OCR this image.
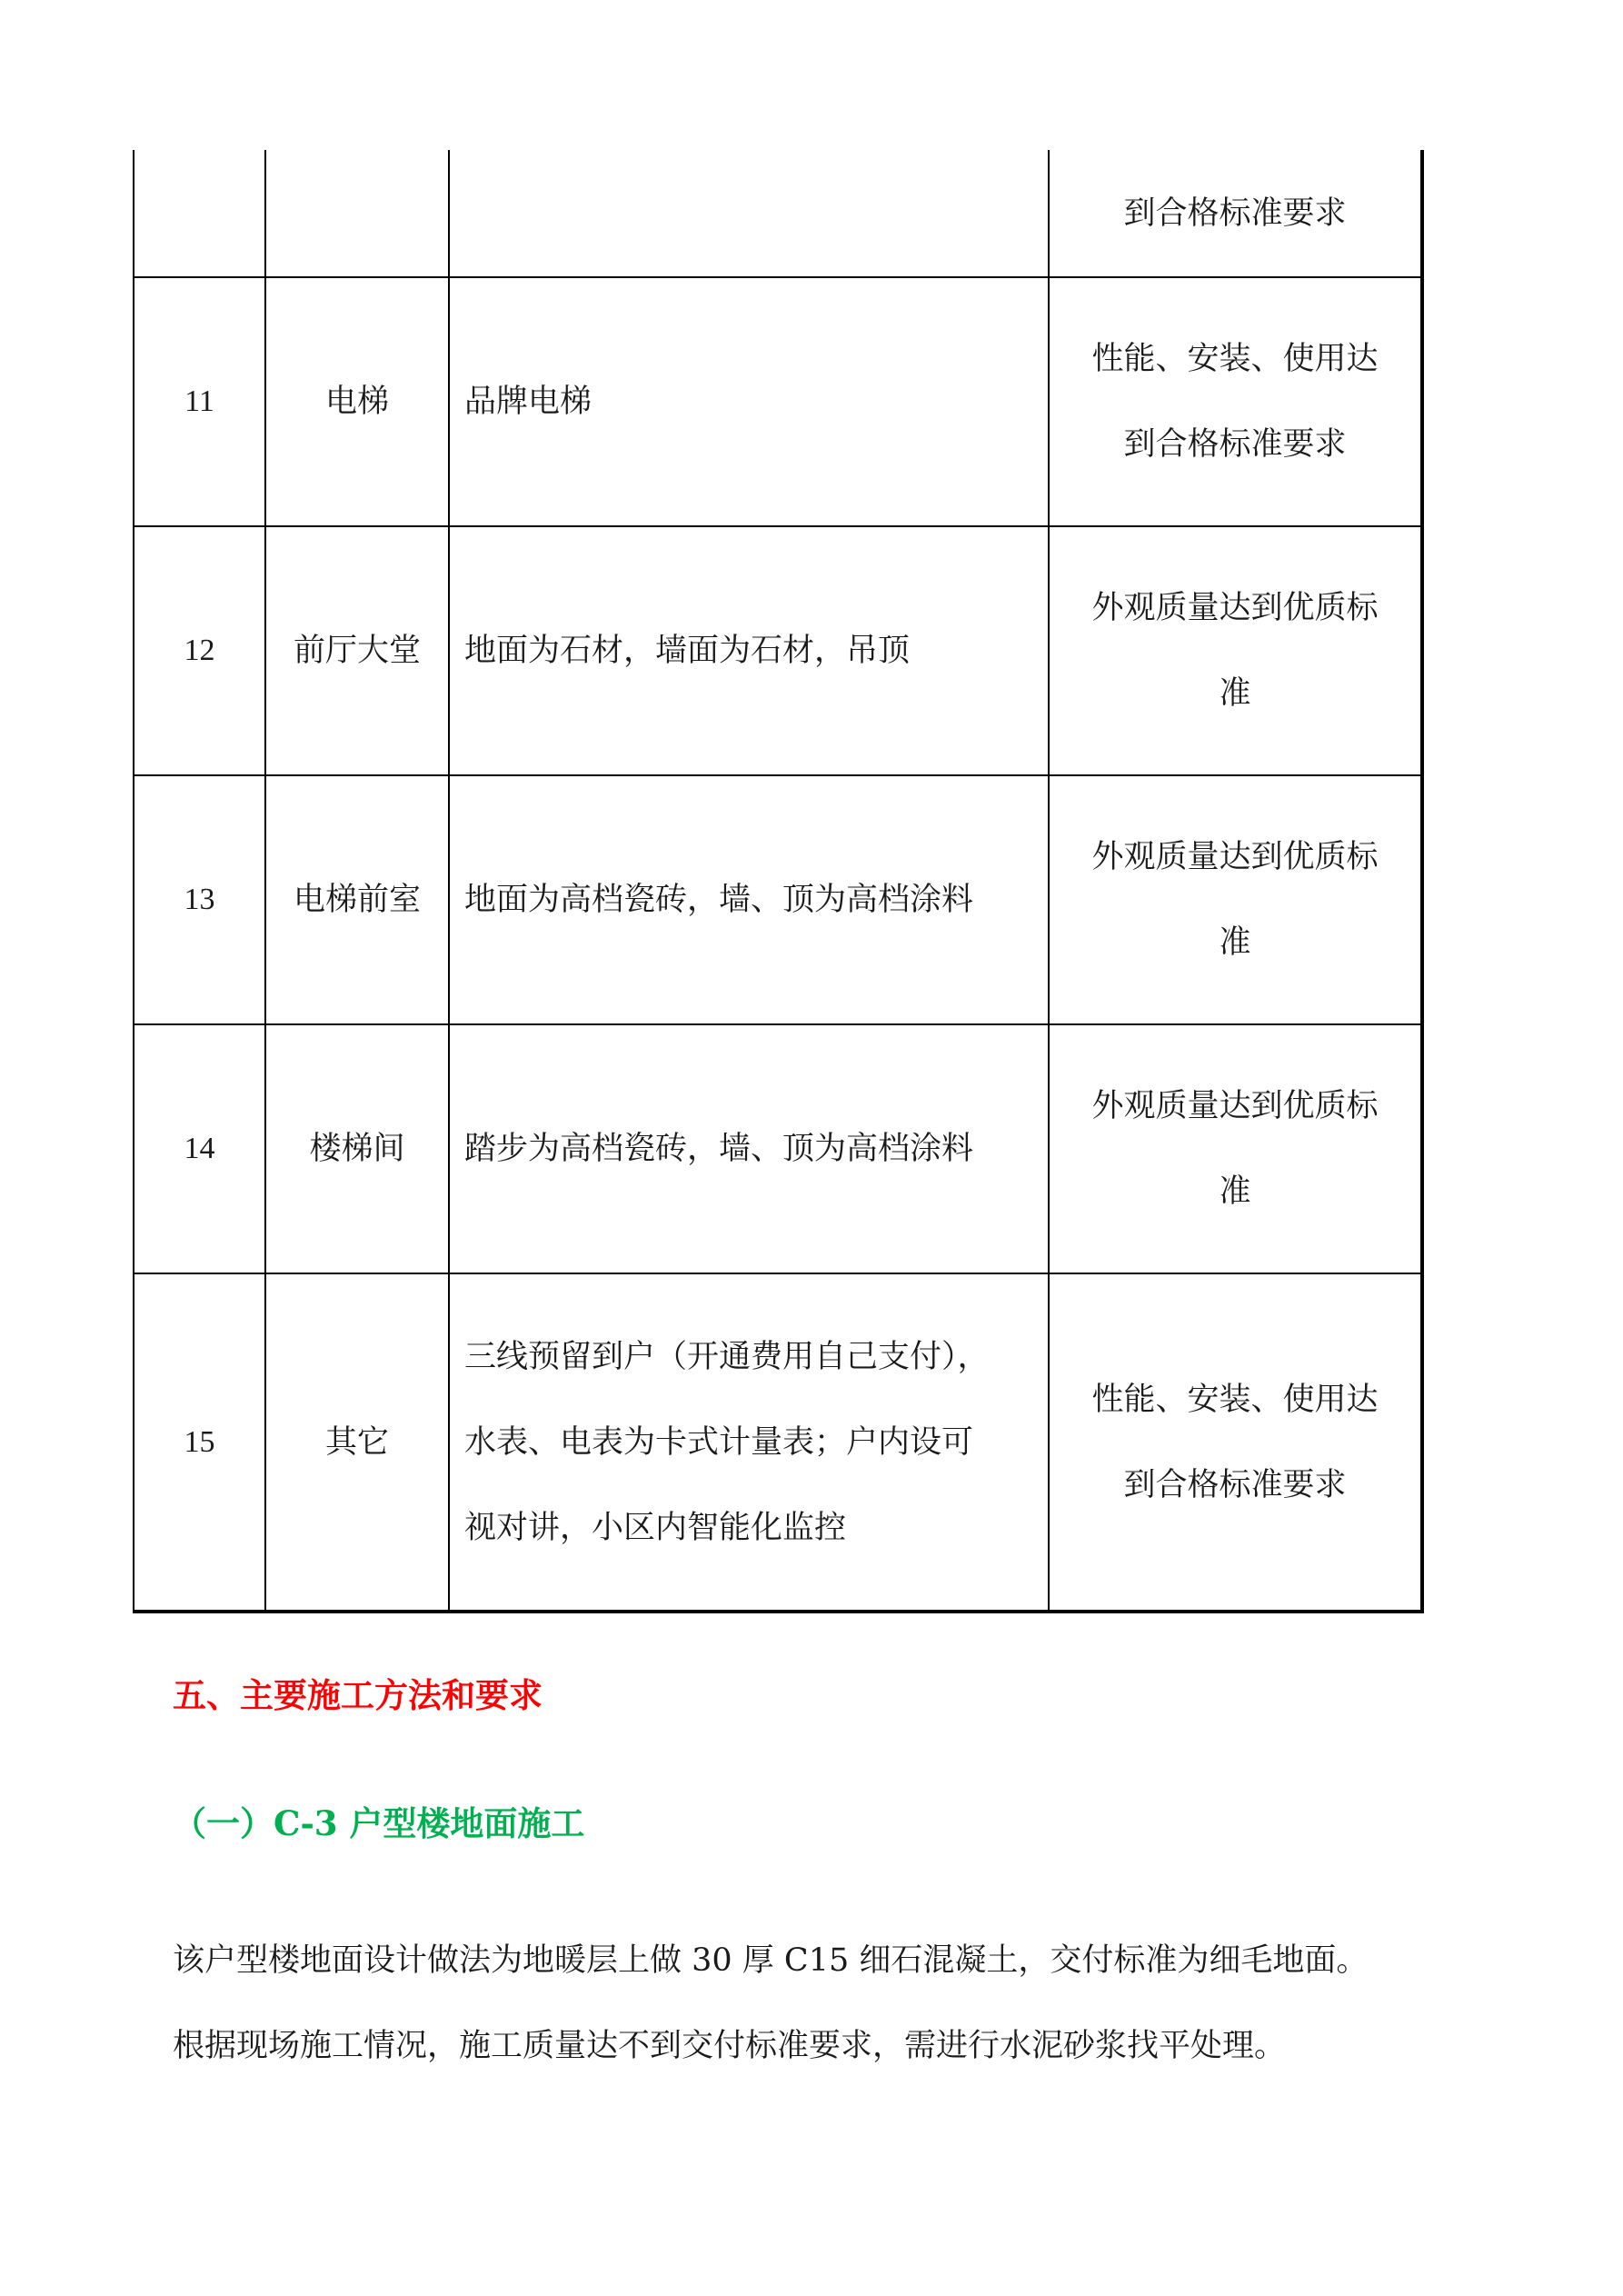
			到合格标准要求
11	电梯	品牌电梯	性能、安装、使用达
到合格标准要求
12	前厅大堂	地面为石材，墙面为石材，吊顶	外观质量达到优质标
准
13	电梯前室	地面为高档瓷砖，墙、顶为高档涂料	外观质量达到优质标
准
14	楼梯间	踏步为高档瓷砖，墙、顶为高档涂料	外观质量达到优质标
准
15	其它	三线预留到户（开通费用自己支付），
水表、电表为卡式计量表；户内设可
视对讲，小区内智能化监控	性能、安装、使用达
到合格标准要求
五、主要施工方法和要求
（一）C-3 户型楼地面施工

该户型楼地面设计做法为地暖层上做 30 厚 C15 细石混凝土，交付标准为细毛地面。
根据现场施工情况，施工质量达不到交付标准要求，需进行水泥砂浆找平处理。
